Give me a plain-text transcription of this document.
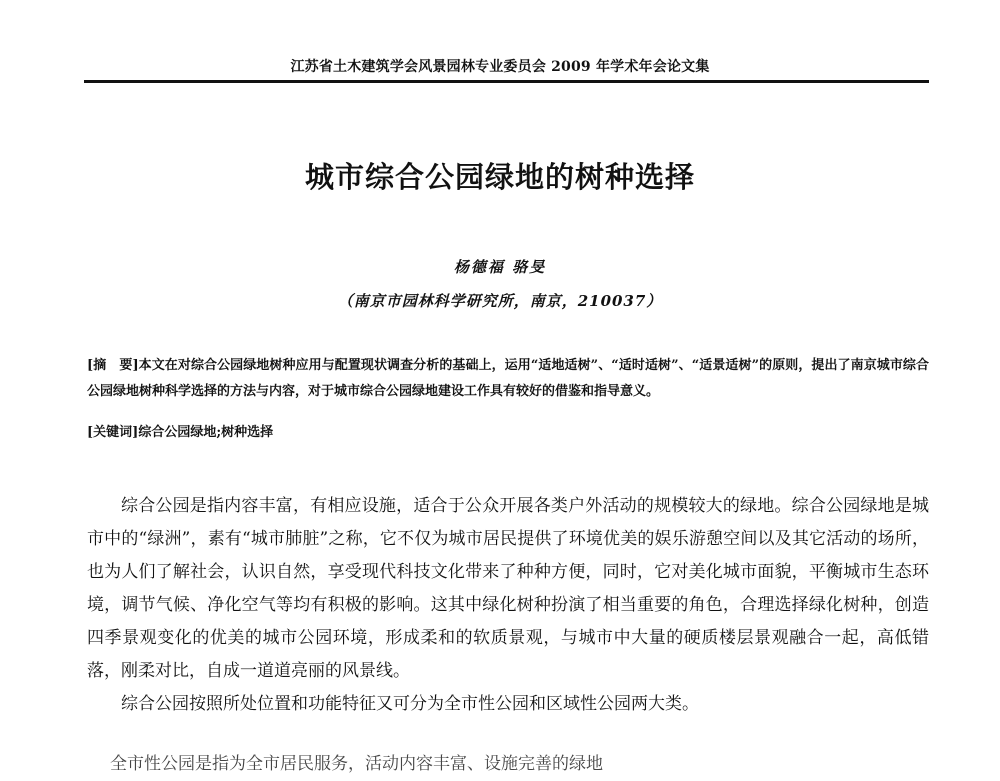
江苏省土木建筑学会风景园林专业委员会 2009 年学术年会论文集
城市综合公园绿地的树种选择
杨德福 骆旻
（南京市园林科学研究所，南京，210037）
[摘　要]本文在对综合公园绿地树种应用与配置现状调查分析的基础上，运用“适地适树”、“适时适树”、“适景适树”的原则，提出了南京城市综合公园绿地树种科学选择的方法与内容，对于城市综合公园绿地建设工作具有较好的借鉴和指导意义。
[关键词]综合公园绿地;树种选择

综合公园是指内容丰富，有相应设施，适合于公众开展各类户外活动的规模较大的绿地。综合公园绿地是城市中的“绿洲”，素有“城市肺脏”之称，它不仅为城市居民提供了环境优美的娱乐游憩空间以及其它活动的场所，也为人们了解社会，认识自然，享受现代科技文化带来了种种方便，同时，它对美化城市面貌，平衡城市生态环境，调节气候、净化空气等均有积极的影响。这其中绿化树种扮演了相当重要的角色，合理选择绿化树种，创造四季景观变化的优美的城市公园环境，形成柔和的软质景观，与城市中大量的硬质楼层景观融合一起，高低错落，刚柔对比，自成一道道亮丽的风景线。

综合公园按照所处位置和功能特征又可分为全市性公园和区域性公园两大类。

全市性公园是指为全市居民服务，活动内容丰富、设施完善的绿地
